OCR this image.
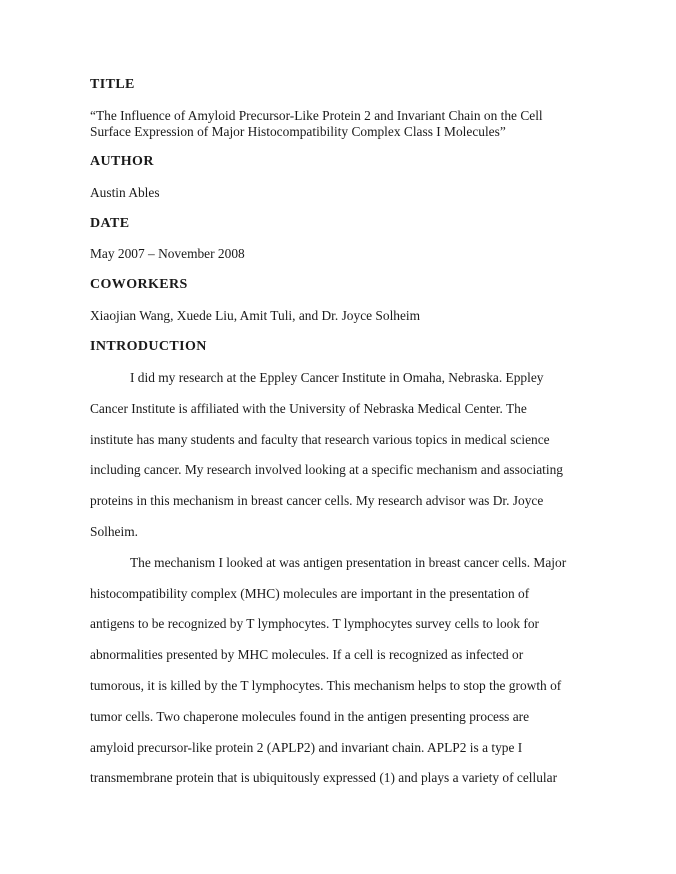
TITLE
“The Influence of Amyloid Precursor-Like Protein 2 and Invariant Chain on the Cell
Surface Expression of Major Histocompatibility Complex Class I Molecules”
AUTHOR
Austin Ables
DATE
May 2007 – November 2008
COWORKERS
Xiaojian Wang, Xuede Liu, Amit Tuli, and Dr. Joyce Solheim
INTRODUCTION
I did my research at the Eppley Cancer Institute in Omaha, Nebraska. Eppley
Cancer Institute is affiliated with the University of Nebraska Medical Center. The
institute has many students and faculty that research various topics in medical science
including cancer. My research involved looking at a specific mechanism and associating
proteins in this mechanism in breast cancer cells. My research advisor was Dr. Joyce
Solheim.
The mechanism I looked at was antigen presentation in breast cancer cells. Major
histocompatibility complex (MHC) molecules are important in the presentation of
antigens to be recognized by T lymphocytes. T lymphocytes survey cells to look for
abnormalities presented by MHC molecules. If a cell is recognized as infected or
tumorous, it is killed by the T lymphocytes. This mechanism helps to stop the growth of
tumor cells. Two chaperone molecules found in the antigen presenting process are
amyloid precursor-like protein 2 (APLP2) and invariant chain. APLP2 is a type I
transmembrane protein that is ubiquitously expressed (1) and plays a variety of cellular
